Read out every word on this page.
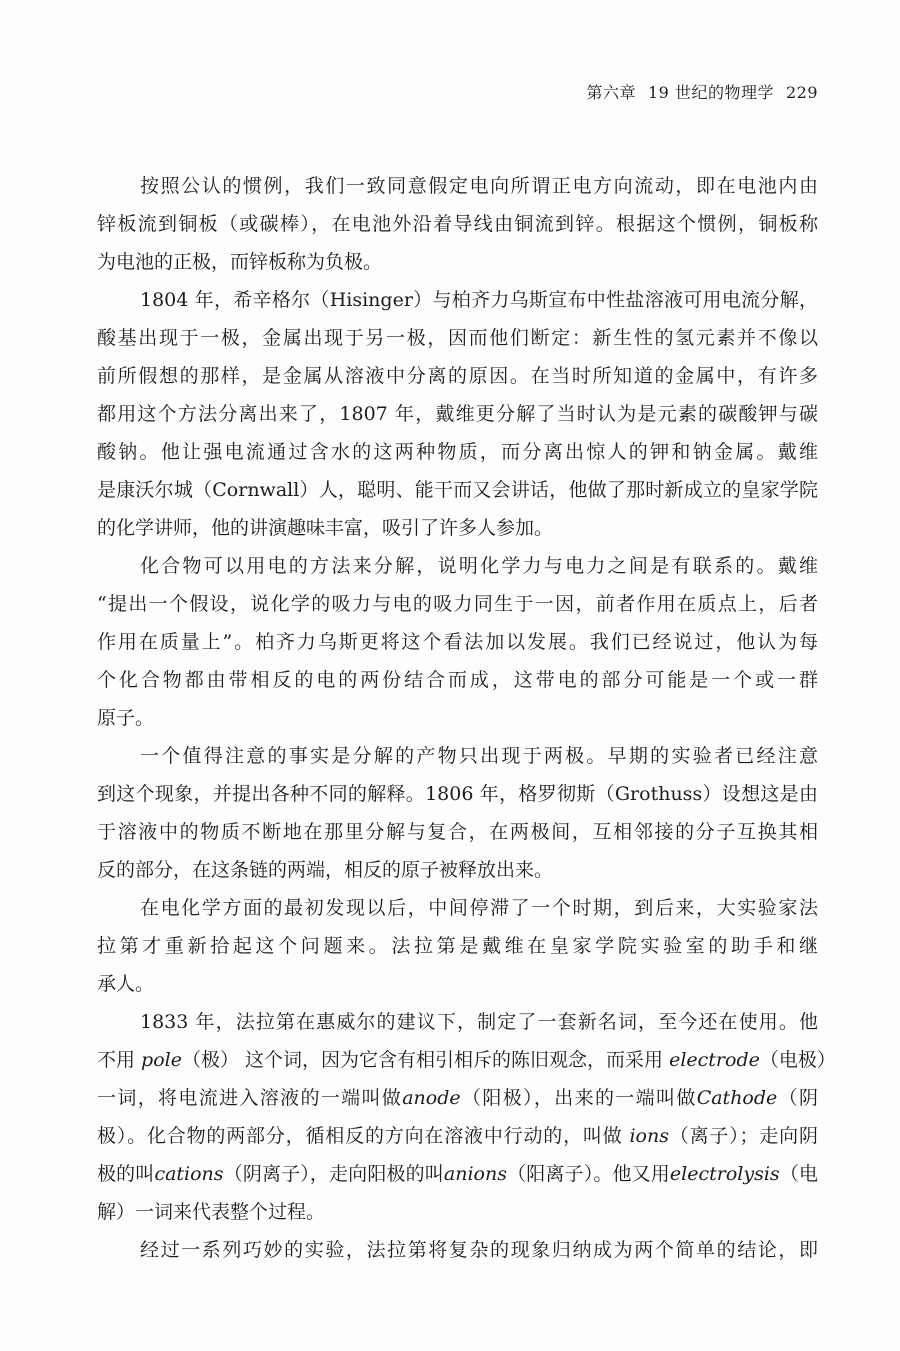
第六章 19 世纪的物理学 229
按照公认的惯例，我们一致同意假定电向所谓正电方向流动，即在电池内由
锌板流到铜板（或碳棒），在电池外沿着导线由铜流到锌。根据这个惯例，铜板称
为电池的正极，而锌板称为负极。
1804 年，希辛格尔（Hisinger）与柏齐力乌斯宣布中性盐溶液可用电流分解，
酸基出现于一极，金属出现于另一极，因而他们断定：新生性的氢元素并不像以
前所假想的那样，是金属从溶液中分离的原因。在当时所知道的金属中，有许多
都用这个方法分离出来了，1807 年，戴维更分解了当时认为是元素的碳酸钾与碳
酸钠。他让强电流通过含水的这两种物质，而分离出惊人的钾和钠金属。戴维
是康沃尔城（Cornwall）人，聪明、能干而又会讲话，他做了那时新成立的皇家学院
的化学讲师，他的讲演趣味丰富，吸引了许多人参加。
化合物可以用电的方法来分解，说明化学力与电力之间是有联系的。戴维
“提出一个假设，说化学的吸力与电的吸力同生于一因，前者作用在质点上，后者
作用在质量上”。柏齐力乌斯更将这个看法加以发展。我们已经说过，他认为每
个化合物都由带相反的电的两份结合而成，这带电的部分可能是一个或一群
原子。
一个值得注意的事实是分解的产物只出现于两极。早期的实验者已经注意
到这个现象，并提出各种不同的解释。1806 年，格罗彻斯（Grothuss）设想这是由
于溶液中的物质不断地在那里分解与复合，在两极间，互相邻接的分子互换其相
反的部分，在这条链的两端，相反的原子被释放出来。
在电化学方面的最初发现以后，中间停滞了一个时期，到后来，大实验家法
拉第才重新拾起这个问题来。法拉第是戴维在皇家学院实验室的助手和继
承人。
1833 年，法拉第在惠威尔的建议下，制定了一套新名词，至今还在使用。他
不用 pole（极） 这个词，因为它含有相引相斥的陈旧观念，而采用 electrode（电极）
一词，将电流进入溶液的一端叫做anode（阳极），出来的一端叫做Cathode（阴
极）。化合物的两部分，循相反的方向在溶液中行动的，叫做 ions（离子）；走向阴
极的叫cations（阴离子），走向阳极的叫anions（阳离子）。他又用electrolysis（电
解）一词来代表整个过程。
经过一系列巧妙的实验，法拉第将复杂的现象归纳成为两个简单的结论，即
